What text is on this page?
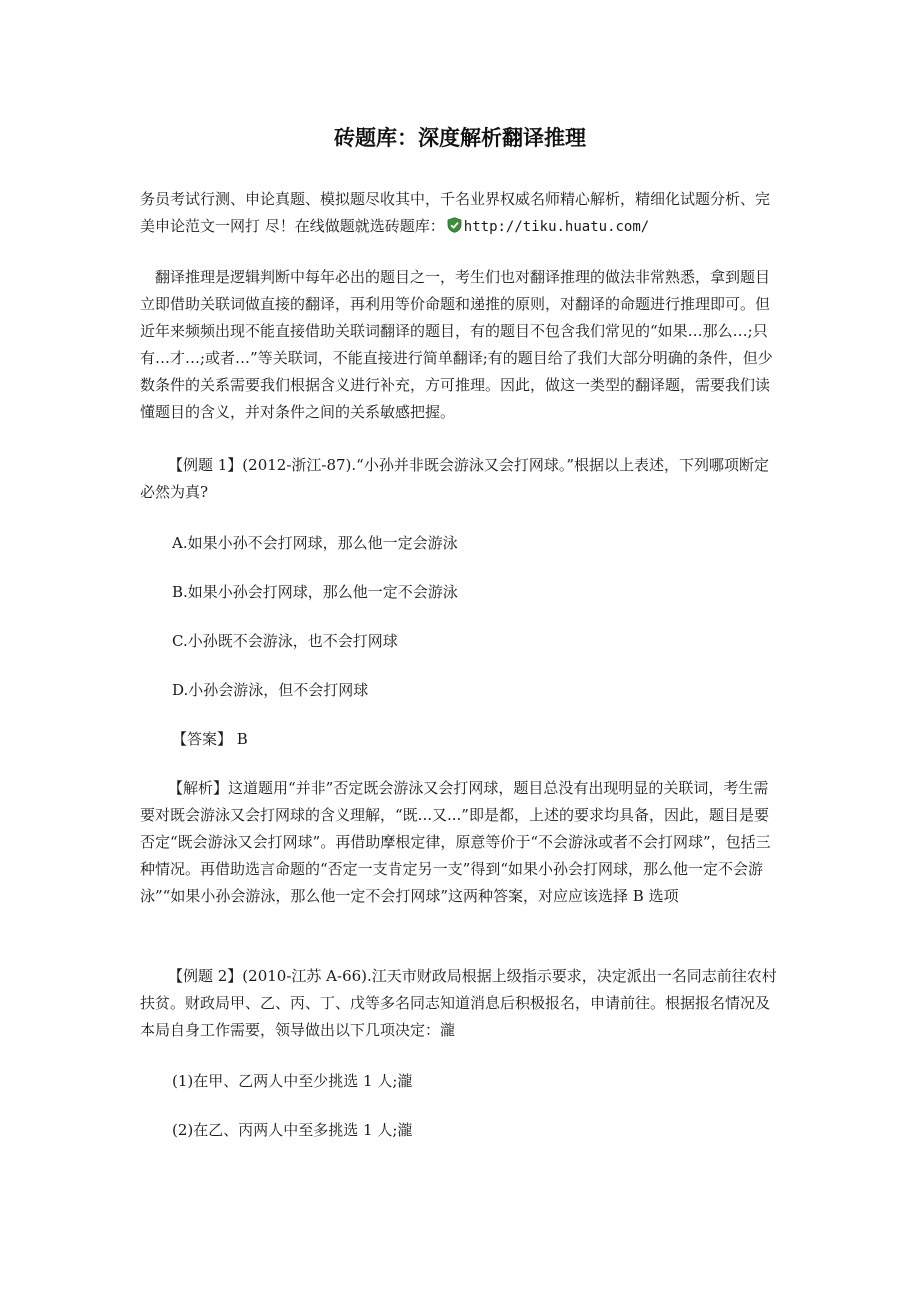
砖题库：深度解析翻译推理
务员考试行测、申论真题、模拟题尽收其中，千名业界权威名师精心解析，精细化试题分析、完美申论范文一网打 尽！在线做题就选砖题库： http://tiku.huatu.com/
翻译推理是逻辑判断中每年必出的题目之一，考生们也对翻译推理的做法非常熟悉，拿到题目立即借助关联词做直接的翻译，再利用等价命题和递推的原则，对翻译的命题进行推理即可。但近年来频频出现不能直接借助关联词翻译的题目，有的题目不包含我们常见的“如果…那么…;只有…才…;或者…”等关联词，不能直接进行简单翻译;有的题目给了我们大部分明确的条件，但少数条件的关系需要我们根据含义进行补充，方可推理。因此，做这一类型的翻译题，需要我们读懂题目的含义，并对条件之间的关系敏感把握。
【例题 1】(2012-浙江-87).“小孙并非既会游泳又会打网球。”根据以上表述，下列哪项断定必然为真?
A.如果小孙不会打网球，那么他一定会游泳
B.如果小孙会打网球，那么他一定不会游泳
C.小孙既不会游泳，也不会打网球
D.小孙会游泳，但不会打网球
【答案】 B
【解析】这道题用“并非”否定既会游泳又会打网球，题目总没有出现明显的关联词，考生需要对既会游泳又会打网球的含义理解，“既...又...”即是都，上述的要求均具备，因此，题目是要否定“既会游泳又会打网球”。再借助摩根定律，原意等价于“不会游泳或者不会打网球”，包括三种情况。再借助选言命题的“否定一支肯定另一支”得到“如果小孙会打网球，那么他一定不会游泳”“如果小孙会游泳，那么他一定不会打网球”这两种答案，对应应该选择 B 选项
【例题 2】(2010-江苏 A-66).江天市财政局根据上级指示要求，决定派出一名同志前往农村扶贫。财政局甲、乙、丙、丁、戊等多名同志知道消息后积极报名，申请前往。根据报名情况及本局自身工作需要，领导做出以下几项决定：瀧
(1)在甲、乙两人中至少挑选 1 人;瀧
(2)在乙、丙两人中至多挑选 1 人;瀧
